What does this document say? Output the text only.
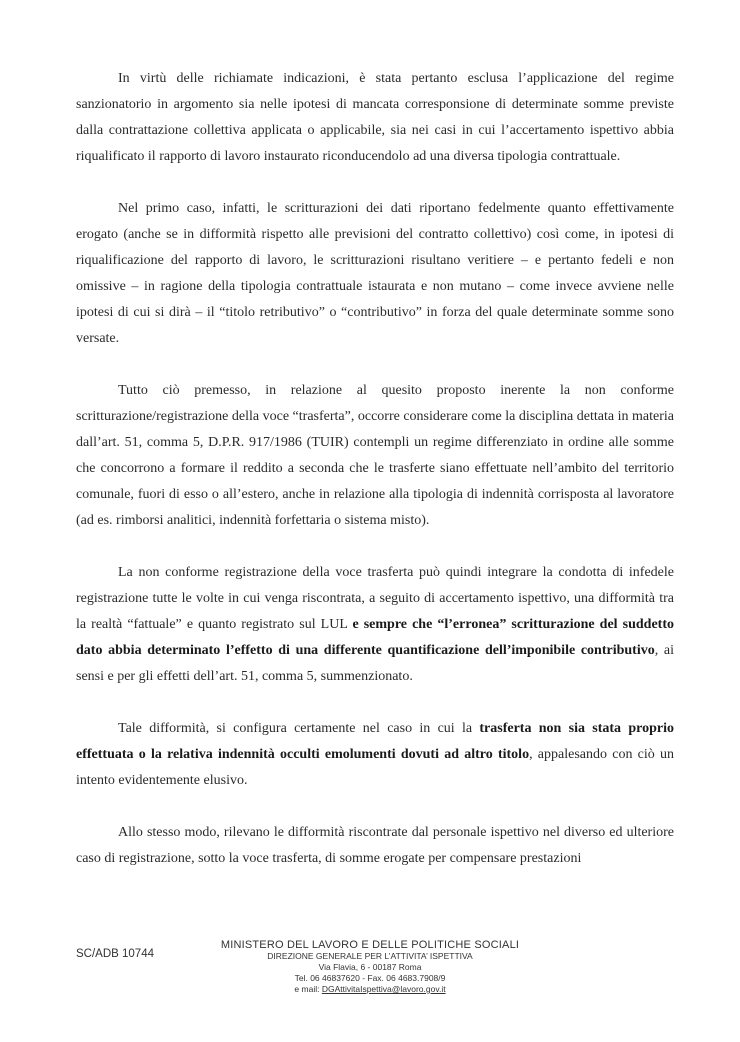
In virtù delle richiamate indicazioni, è stata pertanto esclusa l’applicazione del regime sanzionatorio in argomento sia nelle ipotesi di mancata corresponsione di determinate somme previste dalla contrattazione collettiva applicata o applicabile, sia nei casi in cui l’accertamento ispettivo abbia riqualificato il rapporto di lavoro instaurato riconducendolo ad una diversa tipologia contrattuale.

Nel primo caso, infatti, le scritturazioni dei dati riportano fedelmente quanto effettivamente erogato (anche se in difformità rispetto alle previsioni del contratto collettivo) così come, in ipotesi di riqualificazione del rapporto di lavoro, le scritturazioni risultano veritiere – e pertanto fedeli e non omissive – in ragione della tipologia contrattuale istaurata e non mutano – come invece avviene nelle ipotesi di cui si dirà – il “titolo retributivo” o “contributivo” in forza del quale determinate somme sono versate.

Tutto ciò premesso, in relazione al quesito proposto inerente la non conforme scritturazione/registrazione della voce “trasferta”, occorre considerare come la disciplina dettata in materia dall’art. 51, comma 5, D.P.R. 917/1986 (TUIR) contempli un regime differenziato in ordine alle somme che concorrono a formare il reddito a seconda che le trasferte siano effettuate nell’ambito del territorio comunale, fuori di esso o all’estero, anche in relazione alla tipologia di indennità corrisposta al lavoratore (ad es. rimborsi analitici, indennità forfettaria o sistema misto).

La non conforme registrazione della voce trasferta può quindi integrare la condotta di infedele registrazione tutte le volte in cui venga riscontrata, a seguito di accertamento ispettivo, una difformità tra la realtà “fattuale” e quanto registrato sul LUL e sempre che “l’erronea” scritturazione del suddetto dato abbia determinato l’effetto di una differente quantificazione dell’imponibile contributivo, ai sensi e per gli effetti dell’art. 51, comma 5, summenzionato.

Tale difformità, si configura certamente nel caso in cui la trasferta non sia stata proprio effettuata o la relativa indennità occulti emolumenti dovuti ad altro titolo, appalesando con ciò un intento evidentemente elusivo.

Allo stesso modo, rilevano le difformità riscontrate dal personale ispettivo nel diverso ed ulteriore caso di registrazione, sotto la voce trasferta, di somme erogate per compensare prestazioni

SC/ADB 10744
MINISTERO DEL LAVORO E DELLE POLITICHE SOCIALI
DIREZIONE GENERALE PER L’ATTIVITA’ ISPETTIVA
Via Flavia, 6 - 00187 Roma
Tel. 06 46837620 - Fax. 06 4683.7908/9
e mail: DGAttivitaIspettiva@lavoro.gov.it
